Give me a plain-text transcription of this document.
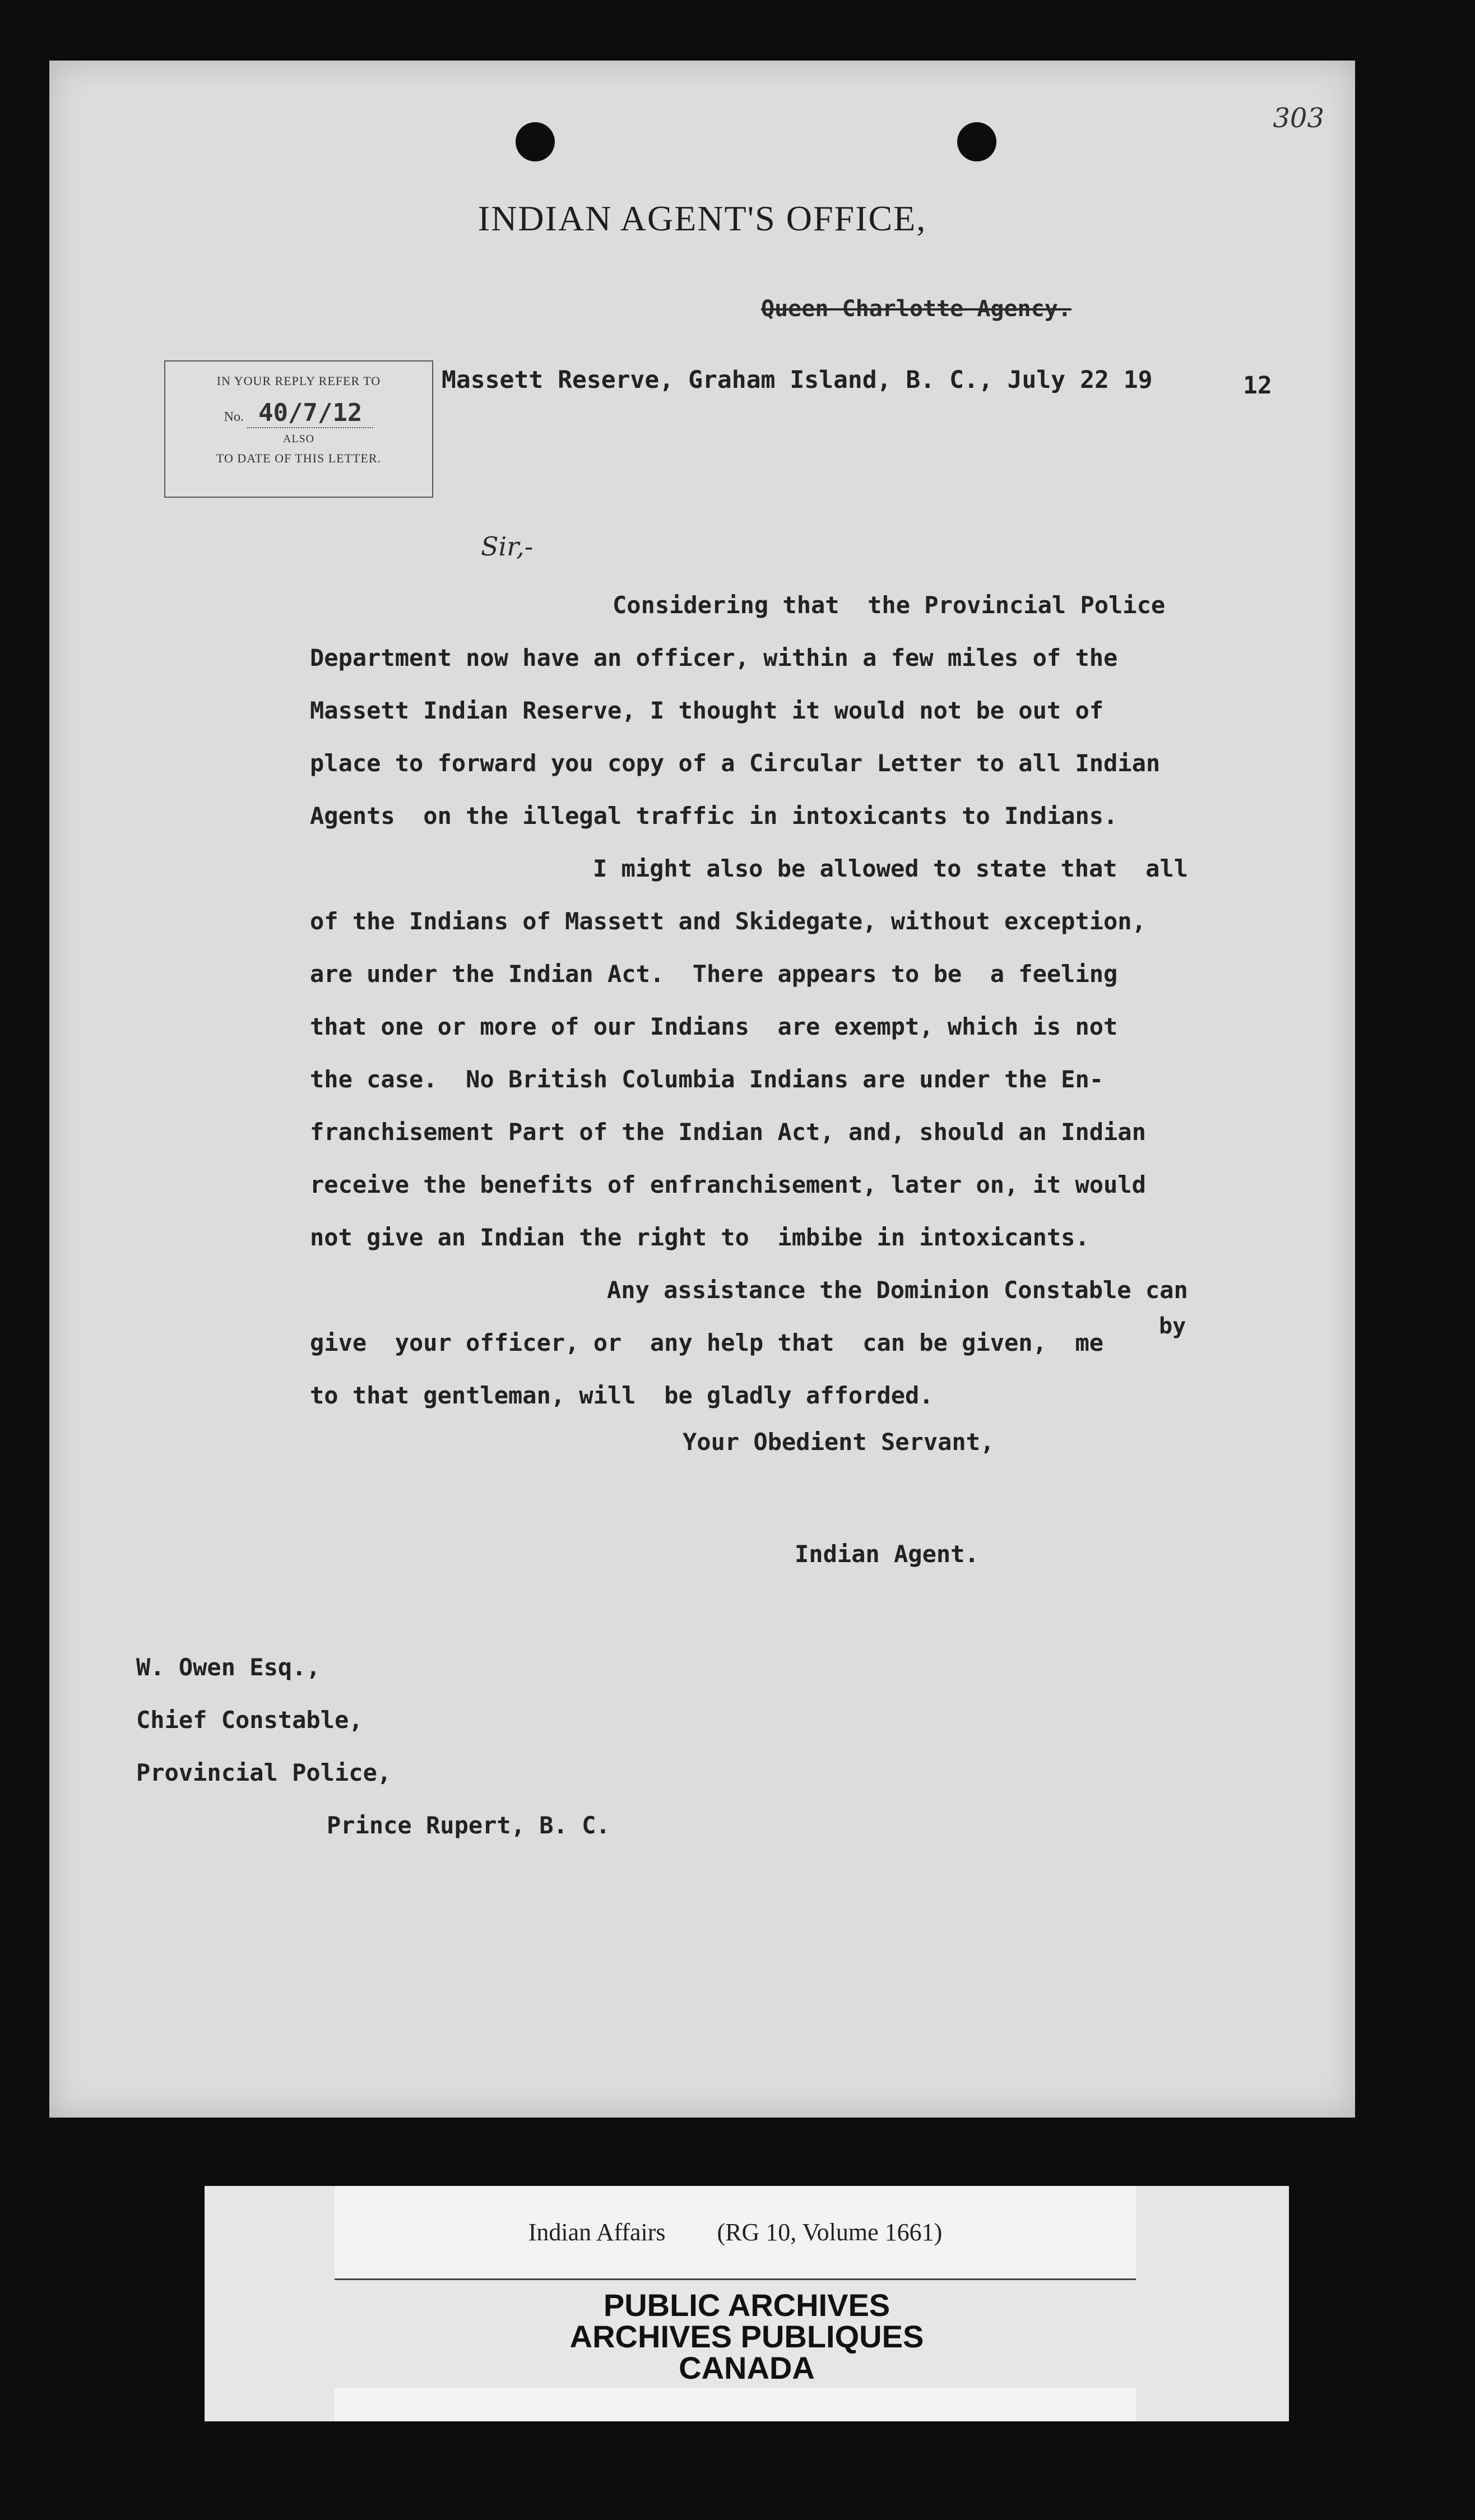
303
INDIAN AGENT'S OFFICE,
Queen Charlotte Agency.
IN YOUR REPLY REFER TO
No. 40/7/12
ALSO
TO DATE OF THIS LETTER.
Massett Reserve, Graham Island, B. C., July 22 19	12
Sir,-

Considering that  the Provincial Police

Department now have an officer, within a few miles of the

Massett Indian Reserve, I thought it would not be out of

place to forward you copy of a Circular Letter to all Indian

Agents  on the illegal traffic in intoxicants to Indians.

I might also be allowed to state that  all

of the Indians of Massett and Skidegate, without exception,

are under the Indian Act.  There appears to be  a feeling

that one or more of our Indians  are exempt, which is not

the case.  No British Columbia Indians are under the En-

franchisement Part of the Indian Act, and, should an Indian

receive the benefits of enfranchisement, later on, it would

not give an Indian the right to  imbibe in intoxicants.

Any assistance the Dominion Constable can

give  your officer, or  any help that  can be given,  me

to that gentleman, will  be gladly afforded.

by
Your Obedient Servant,
Indian Agent.

W. Owen Esq.,

Chief Constable,

Provincial Police,

Prince Rupert, B. C.

Indian Affairs (RG 10, Volume 1661)
PUBLIC ARCHIVES
ARCHIVES PUBLIQUES
CANADA
